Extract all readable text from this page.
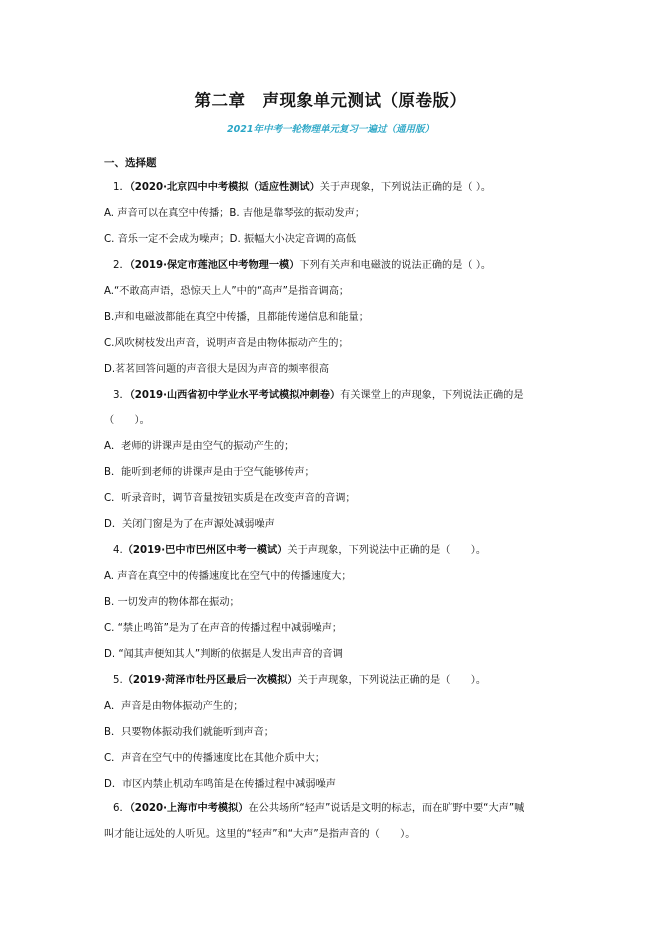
第二章　声现象单元测试（原卷版）
2021年中考一轮物理单元复习一遍过（通用版）
一、选择题
1．（2020·北京四中中考模拟（适应性测试）关于声现象，下列说法正确的是（ ）。
A. 声音可以在真空中传播；B. 吉他是靠琴弦的振动发声；
C. 音乐一定不会成为噪声；D. 振幅大小决定音调的高低
2．（2019·保定市莲池区中考物理一模）下列有关声和电磁波的说法正确的是（ ）。
A.“不敢高声语，恐惊天上人”中的“高声”是指音调高；
B.声和电磁波都能在真空中传播，且都能传递信息和能量；
C.风吹树枝发出声音，说明声音是由物体振动产生的；
D.茗茗回答问题的声音很大是因为声音的频率很高
3．（2019·山西省初中学业水平考试模拟冲刺卷）有关课堂上的声现象，下列说法正确的是
（　　）。
A．老师的讲课声是由空气的振动产生的；
B．能听到老师的讲课声是由于空气能够传声；
C．听录音时，调节音量按钮实质是在改变声音的音调；
D．关闭门窗是为了在声源处减弱噪声
4.（2019·巴中市巴州区中考一模试）关于声现象，下列说法中正确的是（　　）。
A. 声音在真空中的传播速度比在空气中的传播速度大；
B. 一切发声的物体都在振动；
C. “禁止鸣笛”是为了在声音的传播过程中减弱噪声；
D. “闻其声便知其人”判断的依据是人发出声音的音调
5.（2019·菏泽市牡丹区最后一次模拟）关于声现象，下列说法正确的是（　　）。
A．声音是由物体振动产生的；
B．只要物体振动我们就能听到声音；
C．声音在空气中的传播速度比在其他介质中大；
D．市区内禁止机动车鸣笛是在传播过程中减弱噪声
6．（2020·上海市中考模拟）在公共场所“轻声”说话是文明的标志，而在旷野中要“大声”喊
叫才能让远处的人听见。这里的“轻声”和“大声”是指声音的（　　）。
